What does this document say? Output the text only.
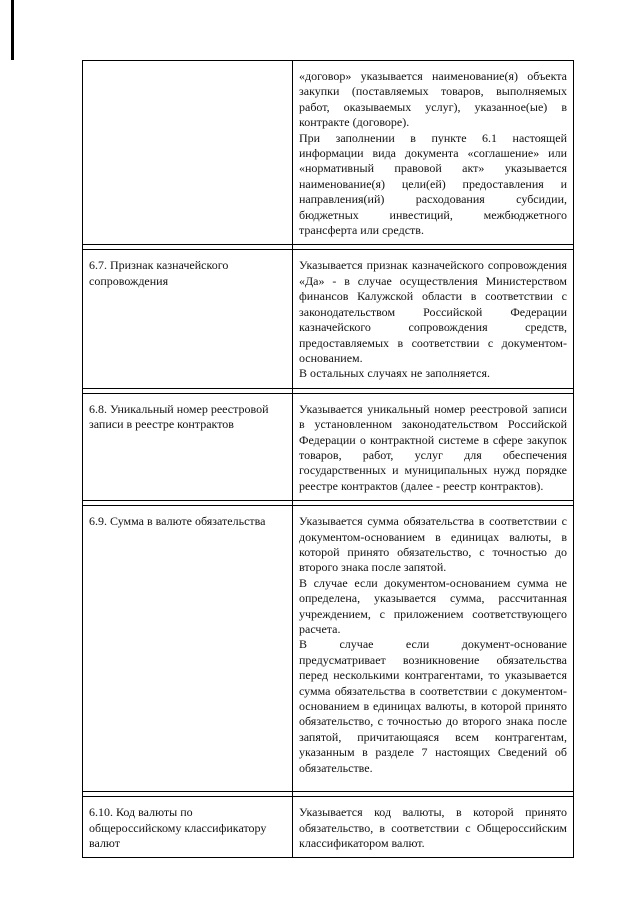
	«договор» указывается наименование(я) объекта закупки (поставляемых товаров, выполняемых работ, оказываемых услуг), указанное(ые) в контракте (договоре).

При заполнении в пункте 6.1 настоящей информации вида документа «соглашение» или «нормативный правовой акт» указывается наименование(я) цели(ей) предоставления и направления(ий) расходования субсидии, бюджетных инвестиций, межбюджетного трансферта или средств.

6.7. Признак казначейского сопровождения	Указывается признак казначейского сопровождения «Да» - в случае осуществления Министерством финансов Калужской области в соответствии с законодательством Российской Федерации казначейского сопровождения средств, предоставляемых в соответствии с документом-основанием.

В остальных случаях не заполняется.

6.8. Уникальный номер реестровой записи в реестре контрактов	Указывается уникальный номер реестровой записи в установленном законодательством Российской Федерации о контрактной системе в сфере закупок товаров, работ, услуг для обеспечения государственных и муниципальных нужд порядке реестре контрактов (далее - реестр контрактов).

6.9. Сумма в валюте обязательства	Указывается сумма обязательства в соответствии с документом-основанием в единицах валюты, в которой принято обязательство, с точностью до второго знака после запятой.

В случае если документом-основанием сумма не определена, указывается сумма, рассчитанная учреждением, с приложением соответствующего расчета.

В случае если документ-основание предусматривает возникновение обязательства перед несколькими контрагентами, то указывается сумма обязательства в соответствии с документом-основанием в единицах валюты, в которой принято обязательство, с точностью до второго знака после запятой, причитающаяся всем контрагентам, указанным в разделе 7 настоящих Сведений об обязательстве.

6.10. Код валюты по общероссийскому классификатору валют	Указывается код валюты, в которой принято обязательство, в соответствии с Общероссийским классификатором валют.
